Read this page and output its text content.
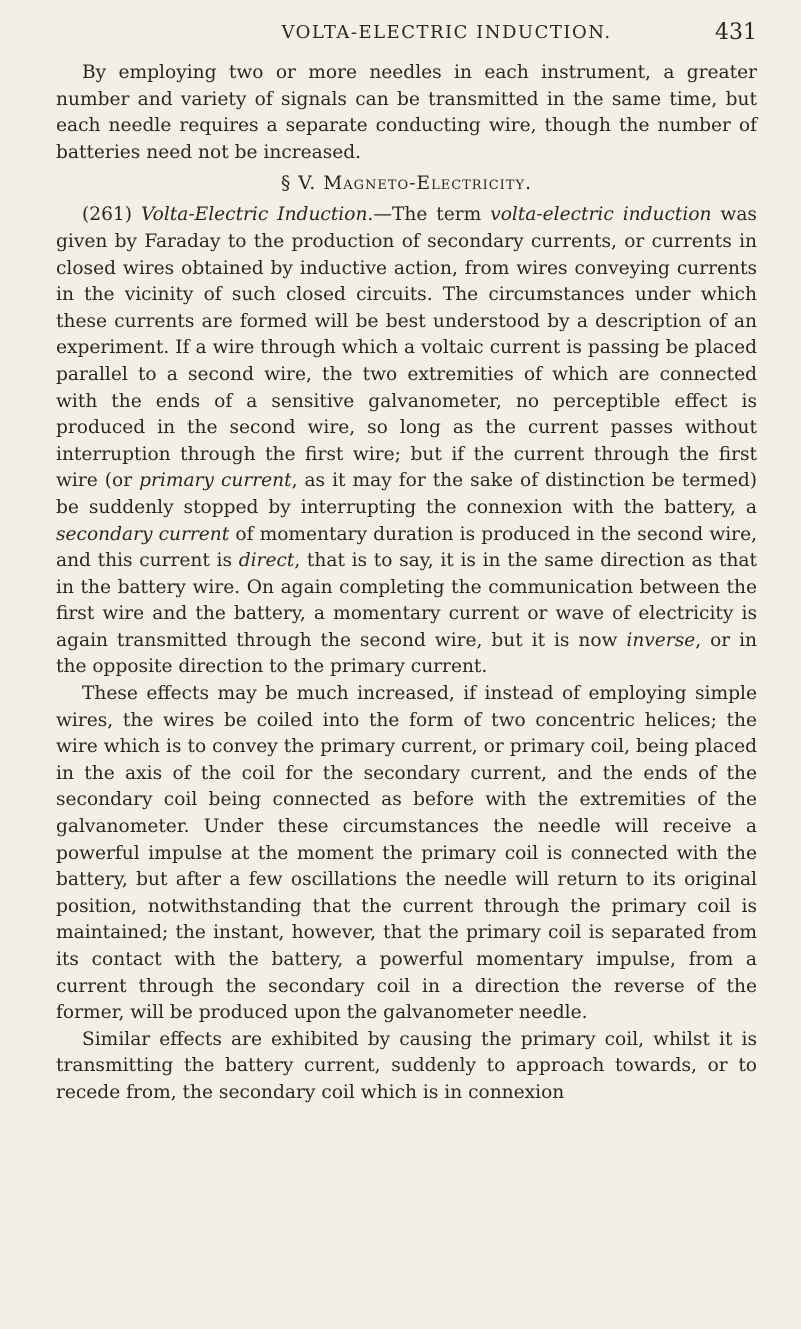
VOLTA-ELECTRIC INDUCTION.	431

By employing two or more needles in each instrument, a greater number and variety of signals can be transmitted in the same time, but each needle requires a separate conducting wire, though the number of batteries need not be increased.

§ V. Magneto-Electricity.

(261) Volta-Electric Induction.—The term volta-electric induction was given by Faraday to the production of secondary currents, or currents in closed wires obtained by inductive action, from wires conveying currents in the vicinity of such closed circuits. The circumstances under which these currents are formed will be best understood by a description of an experiment. If a wire through which a voltaic current is passing be placed parallel to a second wire, the two extremities of which are connected with the ends of a sensitive galvanometer, no perceptible effect is produced in the second wire, so long as the current passes without interruption through the first wire; but if the current through the first wire (or primary current, as it may for the sake of distinction be termed) be suddenly stopped by interrupting the connexion with the battery, a secondary current of momentary duration is produced in the second wire, and this current is direct, that is to say, it is in the same direction as that in the battery wire. On again completing the communication between the first wire and the battery, a momentary current or wave of electricity is again transmitted through the second wire, but it is now inverse, or in the opposite direction to the primary current.

These effects may be much increased, if instead of employing simple wires, the wires be coiled into the form of two concentric helices; the wire which is to convey the primary current, or primary coil, being placed in the axis of the coil for the secondary current, and the ends of the secondary coil being connected as before with the extremities of the galvanometer. Under these circumstances the needle will receive a powerful impulse at the moment the primary coil is connected with the battery, but after a few oscillations the needle will return to its original position, notwithstanding that the current through the primary coil is maintained; the instant, however, that the primary coil is separated from its contact with the battery, a powerful momentary impulse, from a current through the secondary coil in a direction the reverse of the former, will be produced upon the galvanometer needle.

Similar effects are exhibited by causing the primary coil, whilst it is transmitting the battery current, suddenly to approach towards, or to recede from, the secondary coil which is in connexion
